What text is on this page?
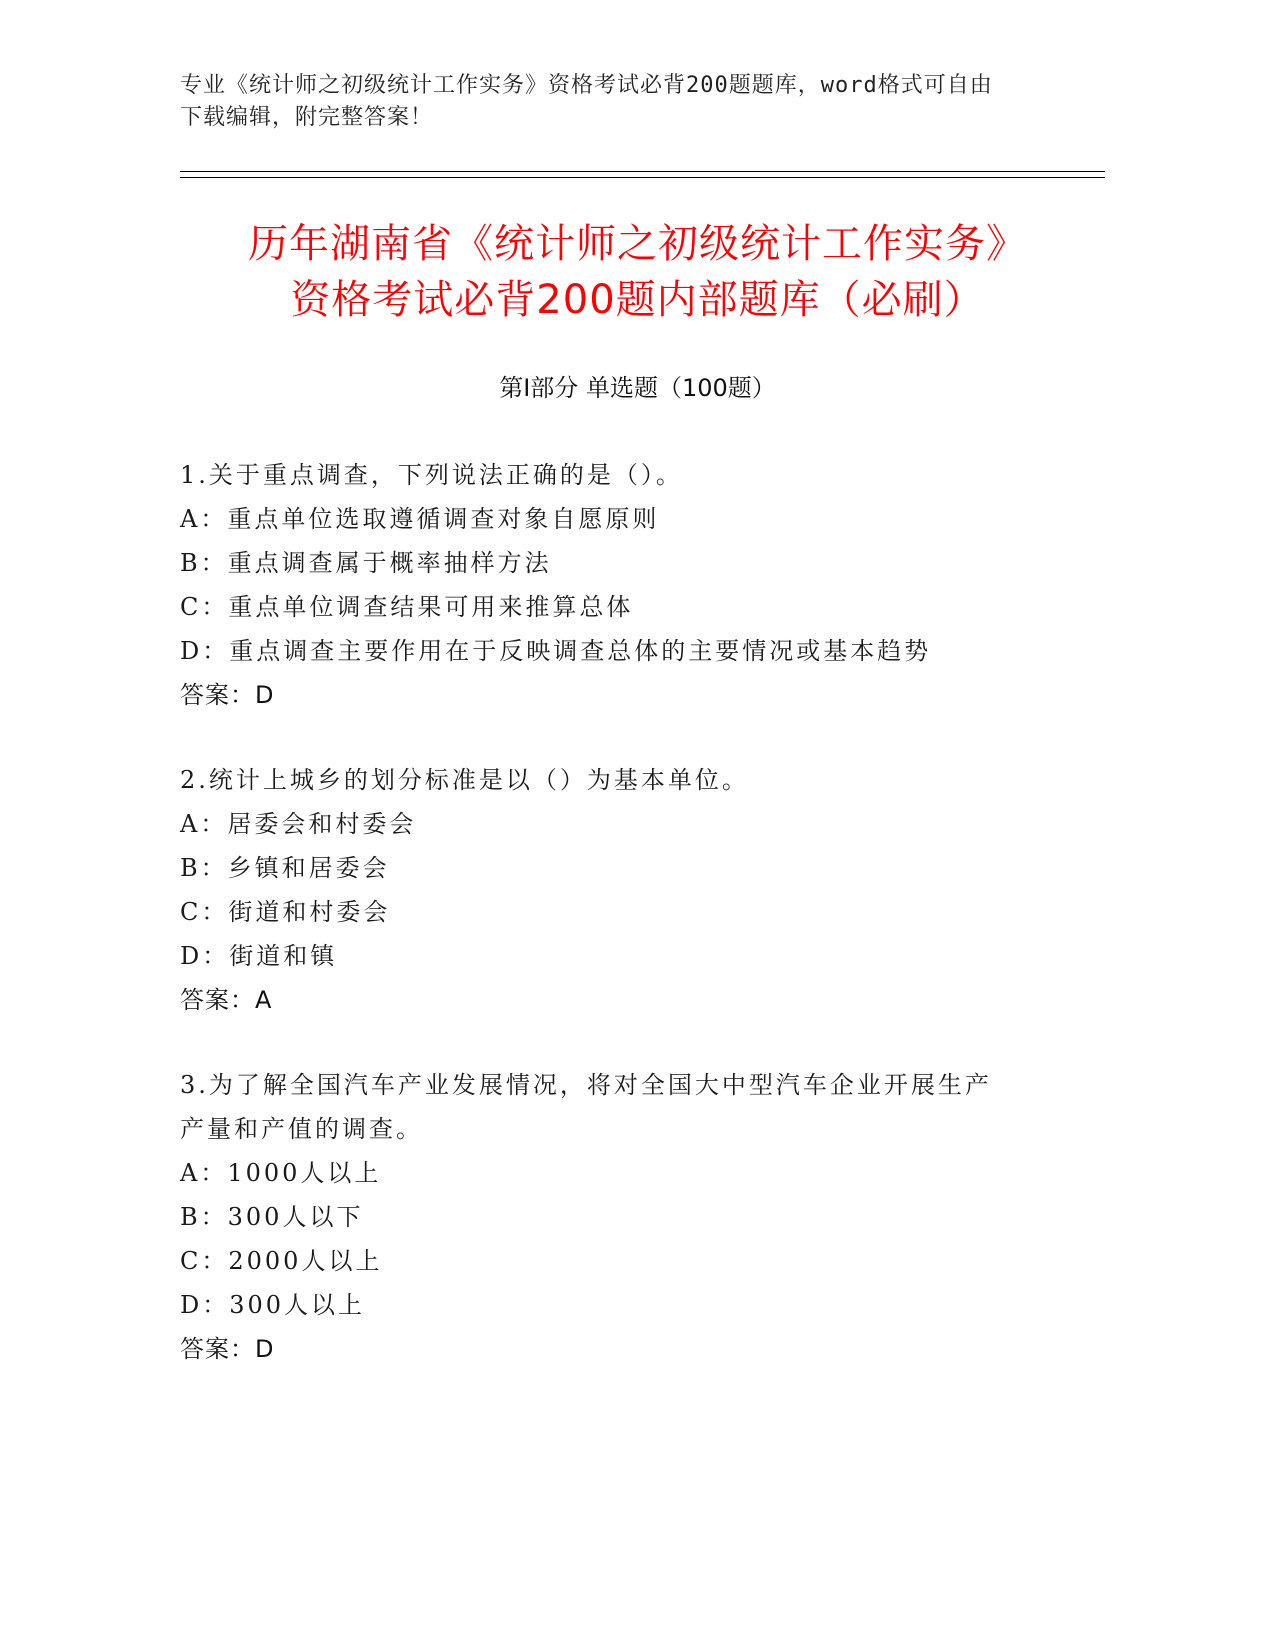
专业《统计师之初级统计工作实务》资格考试必背200题题库，word格式可自由
下载编辑，附完整答案！
历年湖南省《统计师之初级统计工作实务》
资格考试必背200题内部题库（必刷）
第Ⅰ部分 单选题（100题）
1.关于重点调查，下列说法正确的是（）。
A：重点单位选取遵循调查对象自愿原则
B：重点调查属于概率抽样方法
C：重点单位调查结果可用来推算总体
D：重点调查主要作用在于反映调查总体的主要情况或基本趋势
答案：D
2.统计上城乡的划分标准是以（）为基本单位。
A：居委会和村委会
B：乡镇和居委会
C：街道和村委会
D：街道和镇
答案：A
3.为了解全国汽车产业发展情况，将对全国大中型汽车企业开展生产
产量和产值的调查。
A：1000人以上
B：300人以下
C：2000人以上
D：300人以上
答案：D
